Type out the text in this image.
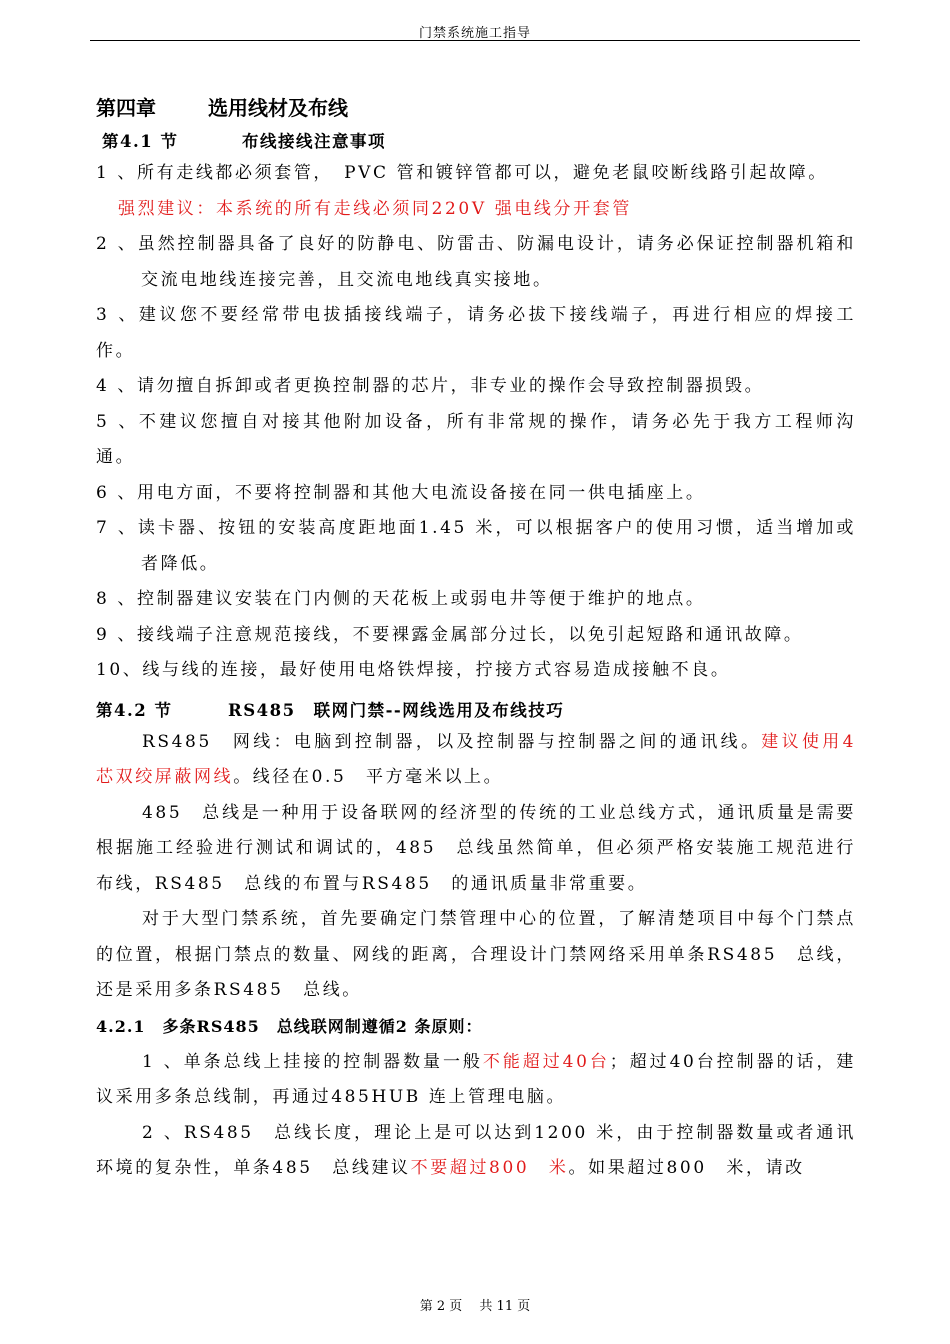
门禁系统施工指导
第四章	选用线材及布线
第4.1 节	布线接线注意事项
1 、所有走线都必须套管，　PVC 管和镀锌管都可以，避免老鼠咬断线路引起故障。
强烈建议：本系统的所有走线必须同220V 强电线分开套管
2 、虽然控制器具备了良好的防静电、防雷击、防漏电设计，请务必保证控制器机箱和交流电地线连接完善，且交流电地线真实接地。
3 、建议您不要经常带电拔插接线端子，请务必拔下接线端子，再进行相应的焊接工作。
4 、请勿擅自拆卸或者更换控制器的芯片，非专业的操作会导致控制器损毁。
5 、不建议您擅自对接其他附加设备，所有非常规的操作，请务必先于我方工程师沟通。
6 、用电方面，不要将控制器和其他大电流设备接在同一供电插座上。
7 、读卡器、按钮的安装高度距地面1.45 米，可以根据客户的使用习惯，适当增加或者降低。
8 、控制器建议安装在门内侧的天花板上或弱电井等便于维护的地点。
9 、接线端子注意规范接线，不要裸露金属部分过长，以免引起短路和通讯故障。
10、线与线的连接，最好使用电烙铁焊接，拧接方式容易造成接触不良。
第4.2 节	RS485　联网门禁--网线选用及布线技巧
RS485　网线：电脑到控制器，以及控制器与控制器之间的通讯线。建议使用4 芯双绞屏蔽网线。线径在0.5　平方毫米以上。
485　总线是一种用于设备联网的经济型的传统的工业总线方式，通讯质量是需要根据施工经验进行测试和调试的，485　总线虽然简单，但必须严格安装施工规范进行布线，RS485　总线的布置与RS485　的通讯质量非常重要。
对于大型门禁系统，首先要确定门禁管理中心的位置，了解清楚项目中每个门禁点的位置，根据门禁点的数量、网线的距离，合理设计门禁网络采用单条RS485　总线，还是采用多条RS485　总线。
4.2.1　多条RS485　总线联网制遵循2 条原则：
1 、单条总线上挂接的控制器数量一般不能超过40台；超过40台控制器的话，建议采用多条总线制，再通过485HUB 连上管理电脑。
2 、RS485　总线长度，理论上是可以达到1200 米，由于控制器数量或者通讯环境的复杂性，单条485　总线建议不要超过800　米。如果超过800　米，请改
第 2 页　 共 11 页
